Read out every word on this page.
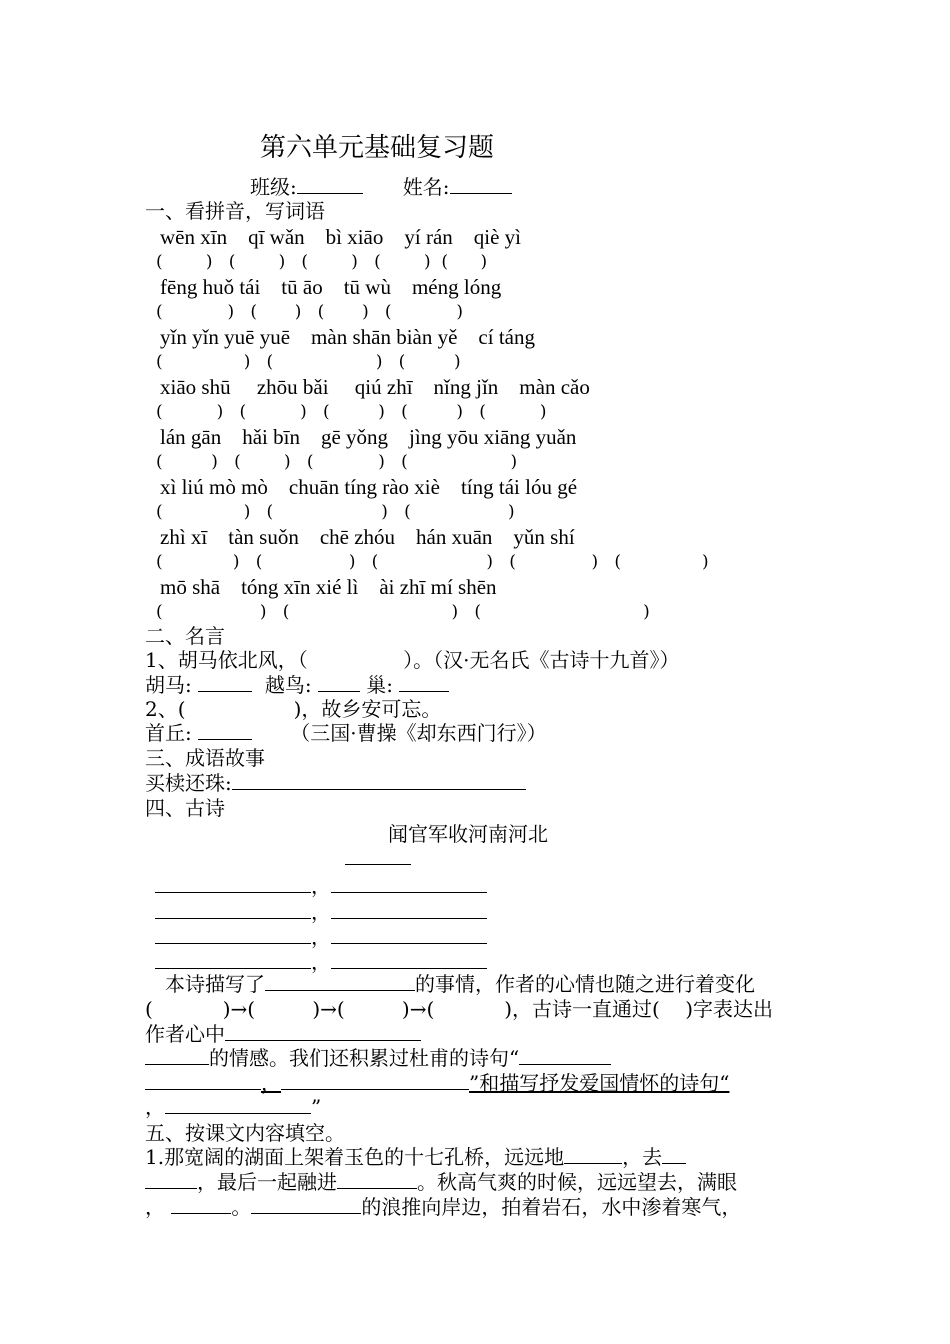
第六单元基础复习题
班级:	姓名:
一、看拼音，写词语
wēn xīn    qī wǎn    bì xiāo    yí rán    qiè yì
(        )   (        )   (        )   (        )  (      )
fēng huǒ tái    tū āo    tū wù    méng lóng
(            )   (       )   (       )   (            )
yǐn yǐn yuē yuē    màn shān biàn yě    cí táng
(               )   (                   )   (         )
xiāo shū     zhōu bǎi     qiú zhī    nǐng jǐn    màn cǎo
(          )   (          )   (         )   (         )   (          )
lán gān    hǎi bīn    gē yǒng    jìng yōu xiāng yuǎn
(         )   (        )   (            )   (                   )
xì liú mò mò    chuān tíng rào xiè    tíng tái lóu gé
(               )   (                    )   (                  )
zhì xī    tàn suǒn    chē zhóu    hán xuān    yǔn shí
(             )   (                )   (                    )   (              )   (               )
mō shā    tóng xīn xié lì    ài zhī mí shēn
(                  )   (                              )   (                              )
二、名言
1、胡马依北风，（               ）。（汉·无名氏《古诗十九首》）
胡马:	越鸟:	巢:
2、(                 )，故乡安可忘。
首丘:	（三国·曹操《却东西门行》）
三、成语故事
买椟还珠:
四、古诗
闻官军收河南河北
，
，
，
，
本诗描写了	的事情，作者的心情也随之进行着变化
(           )→(         )→(         )→(           )，古诗一直通过(    )字表达出
作者心中
的情感。我们还积累过杜甫的诗句“
，	”和描写抒发爱国情怀的诗句“
，	”
五、按课文内容填空。
1.那宽阔的湖面上架着玉色的十七孔桥，远远地	，去
，最后一起融进	。秋高气爽的时候，远远望去，满眼
，	。	的浪推向岸边，拍着岩石，水中渗着寒气，
